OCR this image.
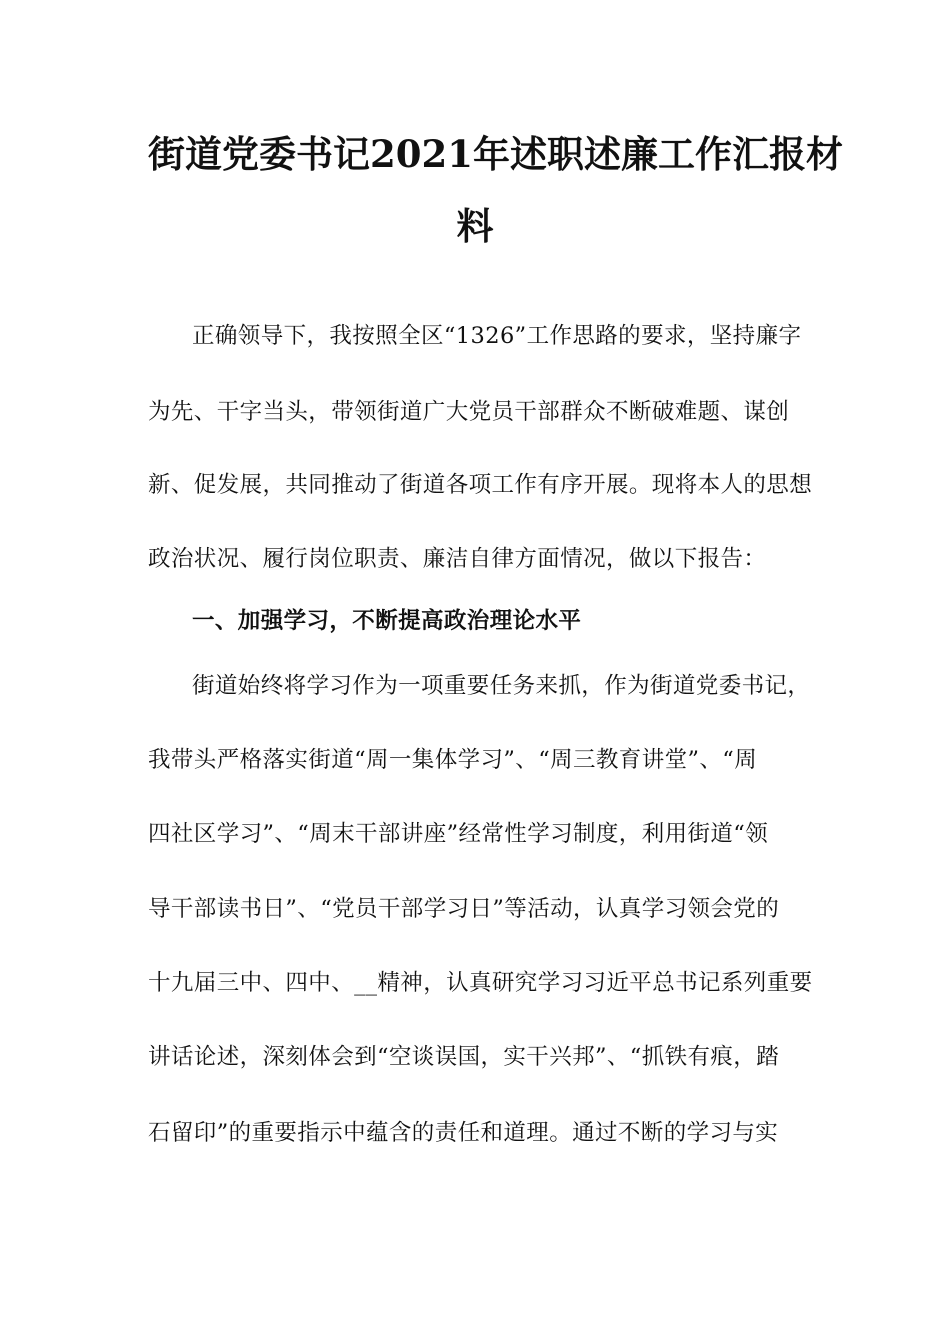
街道党委书记2021年述职述廉工作汇报材
料
正确领导下，我按照全区“1326”工作思路的要求，坚持廉字
为先、干字当头，带领街道广大党员干部群众不断破难题、谋创
新、促发展，共同推动了街道各项工作有序开展。现将本人的思想
政治状况、履行岗位职责、廉洁自律方面情况，做以下报告：
一、加强学习，不断提高政治理论水平
街道始终将学习作为一项重要任务来抓，作为街道党委书记，
我带头严格落实街道“周一集体学习”、“周三教育讲堂”、“周
四社区学习”、“周末干部讲座”经常性学习制度，利用街道“领
导干部读书日”、“党员干部学习日”等活动，认真学习领会党的
十九届三中、四中、__精神，认真研究学习习近平总书记系列重要
讲话论述，深刻体会到“空谈误国，实干兴邦”、“抓铁有痕，踏
石留印”的重要指示中蕴含的责任和道理。通过不断的学习与实
